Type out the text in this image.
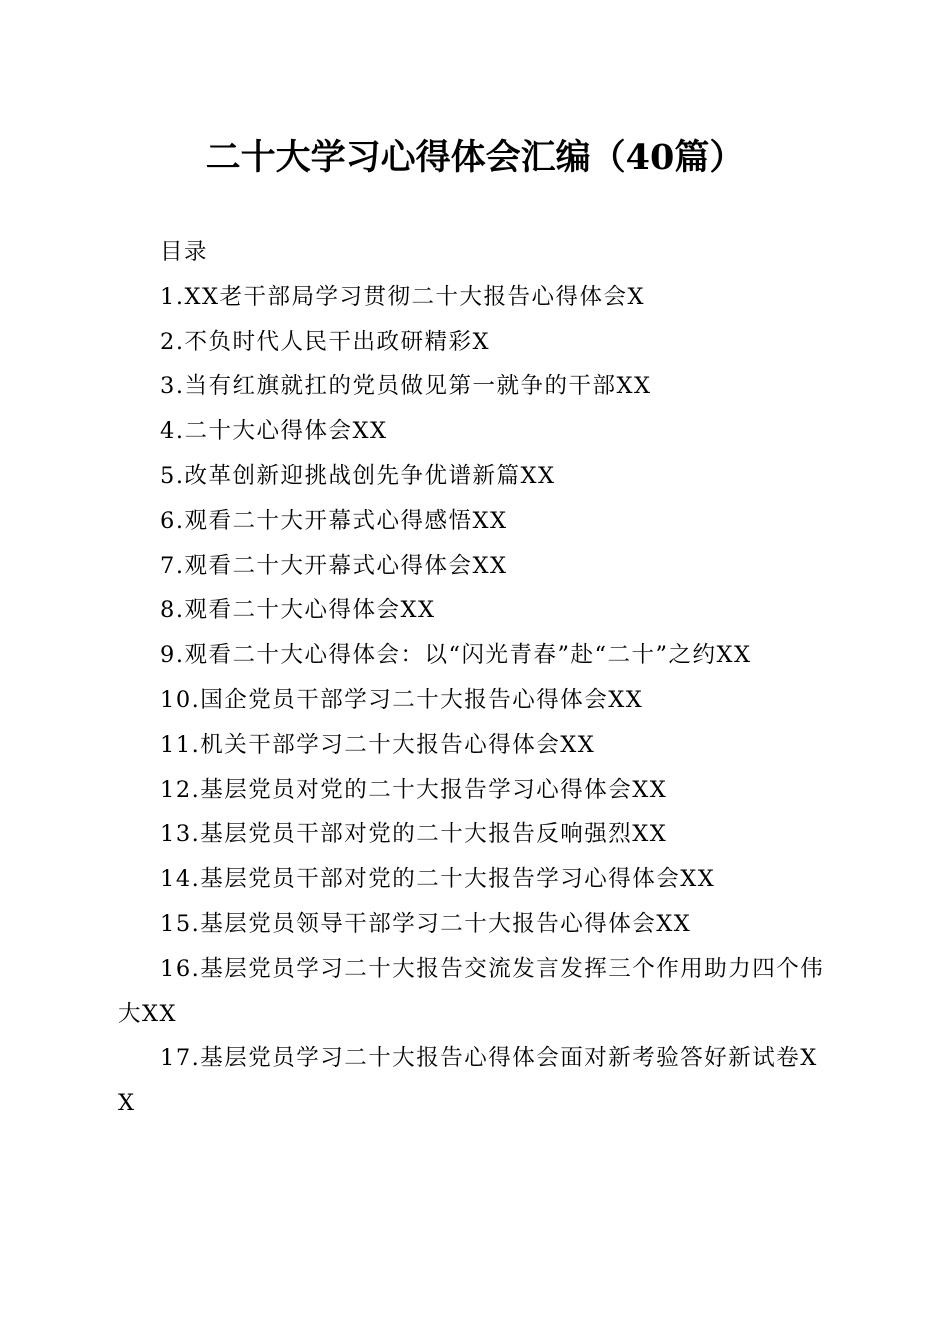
二十大学习心得体会汇编（40篇）

目录

1.XX老干部局学习贯彻二十大报告心得体会X

2.不负时代人民干出政研精彩X

3.当有红旗就扛的党员做见第一就争的干部XX

4.二十大心得体会XX

5.改革创新迎挑战创先争优谱新篇XX

6.观看二十大开幕式心得感悟XX

7.观看二十大开幕式心得体会XX

8.观看二十大心得体会XX

9.观看二十大心得体会：以“闪光青春”赴“二十”之约XX

10.国企党员干部学习二十大报告心得体会XX

11.机关干部学习二十大报告心得体会XX

12.基层党员对党的二十大报告学习心得体会XX

13.基层党员干部对党的二十大报告反响强烈XX

14.基层党员干部对党的二十大报告学习心得体会XX

15.基层党员领导干部学习二十大报告心得体会XX

16.基层党员学习二十大报告交流发言发挥三个作用助力四个伟大XX

17.基层党员学习二十大报告心得体会面对新考验答好新试卷XX
